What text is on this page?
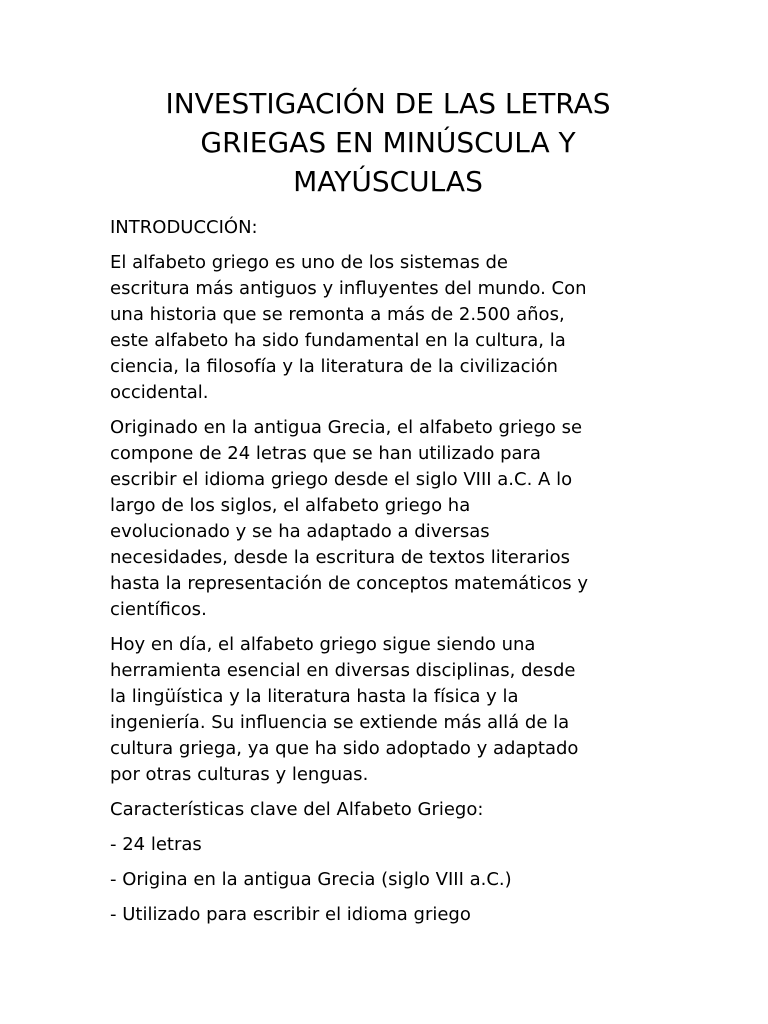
INVESTIGACIÓN DE LAS LETRAS
GRIEGAS EN MINÚSCULA Y
MAYÚSCULAS

INTRODUCCIÓN:

El alfabeto griego es uno de los sistemas de
escritura más antiguos y influyentes del mundo. Con
una historia que se remonta a más de 2.500 años,
este alfabeto ha sido fundamental en la cultura, la
ciencia, la filosofía y la literatura de la civilización
occidental.

Originado en la antigua Grecia, el alfabeto griego se
compone de 24 letras que se han utilizado para
escribir el idioma griego desde el siglo VIII a.C. A lo
largo de los siglos, el alfabeto griego ha
evolucionado y se ha adaptado a diversas
necesidades, desde la escritura de textos literarios
hasta la representación de conceptos matemáticos y
científicos.

Hoy en día, el alfabeto griego sigue siendo una
herramienta esencial en diversas disciplinas, desde
la lingüística y la literatura hasta la física y la
ingeniería. Su influencia se extiende más allá de la
cultura griega, ya que ha sido adoptado y adaptado
por otras culturas y lenguas.

Características clave del Alfabeto Griego:

- 24 letras
- Origina en la antigua Grecia (siglo VIII a.C.)
- Utilizado para escribir el idioma griego
